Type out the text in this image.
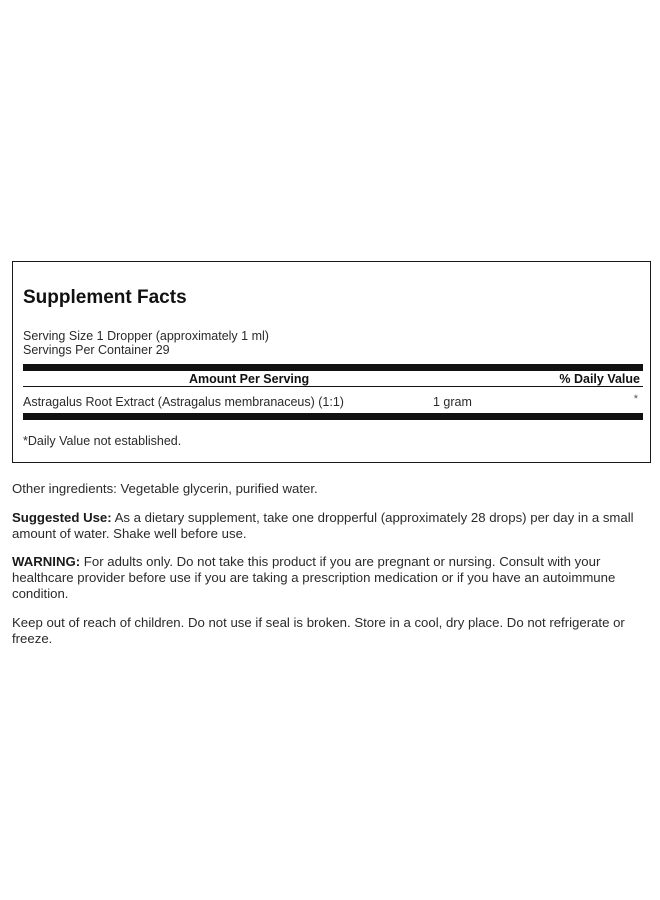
Supplement Facts
Serving Size 1 Dropper (approximately 1 ml)
Servings Per Container 29
Amount Per Serving	% Daily Value
Astragalus Root Extract (Astragalus membranaceus) (1:1)	1 gram	*
*Daily Value not established.
Other ingredients: Vegetable glycerin, purified water.
Suggested Use: As a dietary supplement, take one dropperful (approximately 28 drops) per day in a small amount of water. Shake well before use.
WARNING: For adults only. Do not take this product if you are pregnant or nursing. Consult with your healthcare provider before use if you are taking a prescription medication or if you have an autoimmune condition.
Keep out of reach of children. Do not use if seal is broken. Store in a cool, dry place. Do not refrigerate or freeze.
